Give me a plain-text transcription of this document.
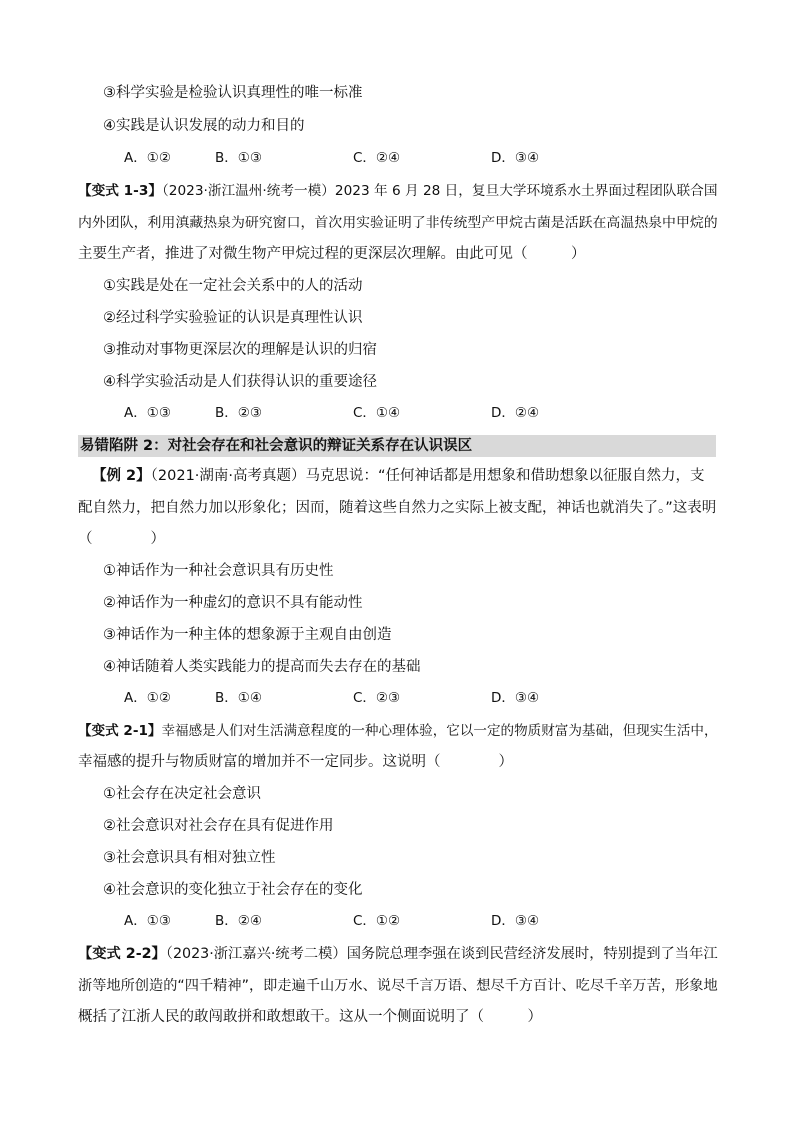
③科学实验是检验认识真理性的唯一标准
④实践是认识发展的动力和目的
A．①②	B．①③	C．②④	D．③④
【变式 1-3】（2023·浙江温州·统考一模）2023 年 6 月 28 日，复旦大学环境系水土界面过程团队联合国
内外团队，利用滇藏热泉为研究窗口，首次用实验证明了非传统型产甲烷古菌是活跃在高温热泉中甲烷的
主要生产者，推进了对微生物产甲烷过程的更深层次理解。由此可见（　　　）
①实践是处在一定社会关系中的人的活动
②经过科学实验验证的认识是真理性认识
③推动对事物更深层次的理解是认识的归宿
④科学实验活动是人们获得认识的重要途径
A．①③	B．②③	C．①④	D．②④
易错陷阱 2：对社会存在和社会意识的辩证关系存在认识误区
【例 2】（2021·湖南·高考真题）马克思说：“任何神话都是用想象和借助想象以征服自然力，支
配自然力，把自然力加以形象化；因而，随着这些自然力之实际上被支配，神话也就消失了。”这表明
（　　　　）
①神话作为一种社会意识具有历史性
②神话作为一种虚幻的意识不具有能动性
③神话作为一种主体的想象源于主观自由创造
④神话随着人类实践能力的提高而失去存在的基础
A．①②	B．①④	C．②③	D．③④
【变式 2-1】幸福感是人们对生活满意程度的一种心理体验，它以一定的物质财富为基础，但现实生活中，
幸福感的提升与物质财富的增加并不一定同步。这说明（　　　　）
①社会存在决定社会意识
②社会意识对社会存在具有促进作用
③社会意识具有相对独立性
④社会意识的变化独立于社会存在的变化
A．①③	B．②④	C．①②	D．③④
【变式 2-2】（2023·浙江嘉兴·统考二模）国务院总理李强在谈到民营经济发展时，特别提到了当年江
浙等地所创造的“四千精神”，即走遍千山万水、说尽千言万语、想尽千方百计、吃尽千辛万苦，形象地
概括了江浙人民的敢闯敢拼和敢想敢干。这从一个侧面说明了（　　　）
